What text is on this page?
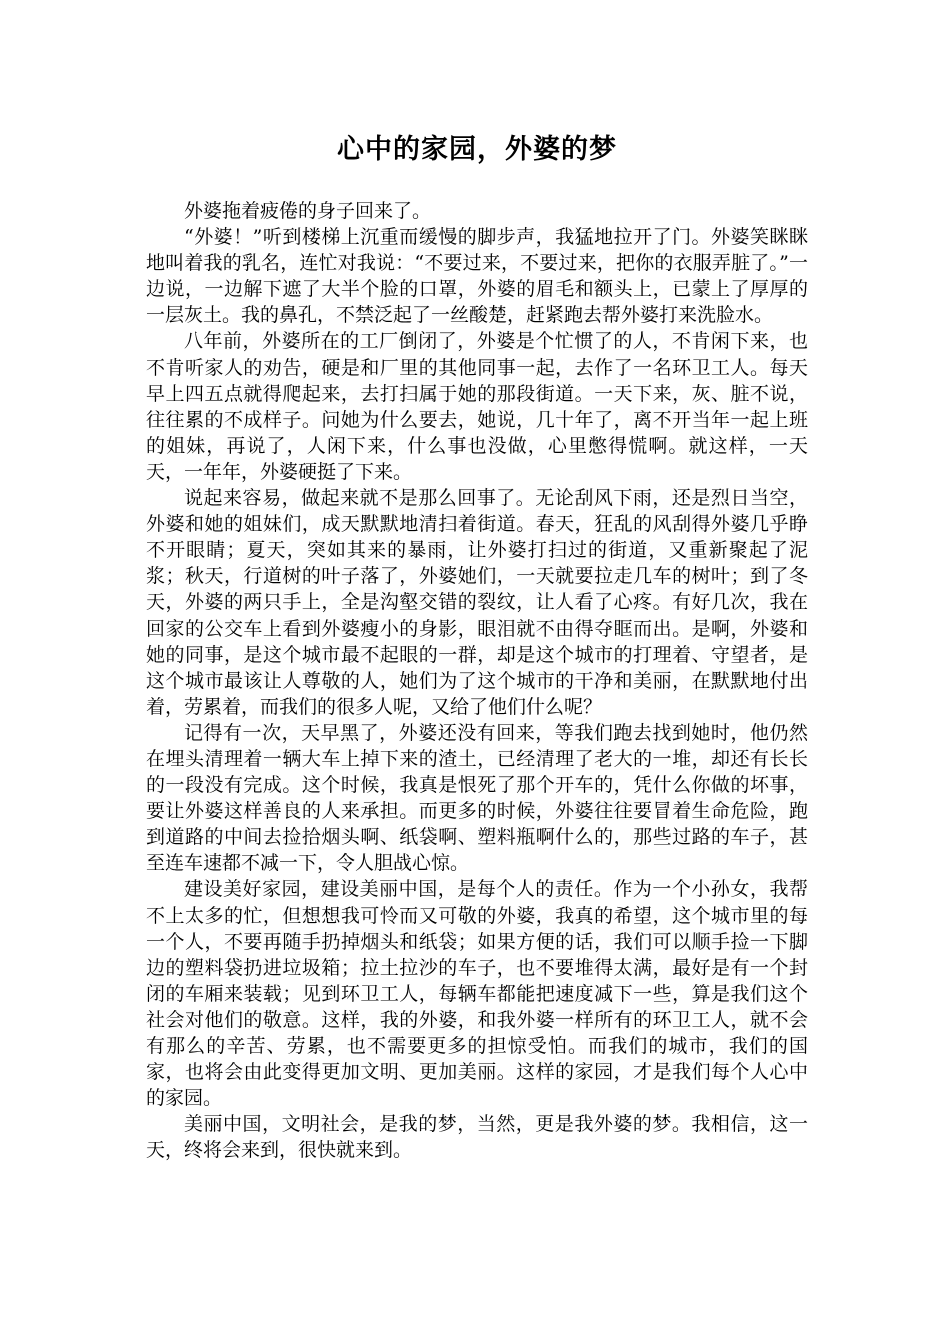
心中的家园，外婆的梦

外婆拖着疲倦的身子回来了。

“外婆！”听到楼梯上沉重而缓慢的脚步声，我猛地拉开了门。外婆笑眯眯地叫着我的乳名，连忙对我说：“不要过来，不要过来，把你的衣服弄脏了。”一边说，一边解下遮了大半个脸的口罩，外婆的眉毛和额头上，已蒙上了厚厚的一层灰土。我的鼻孔，不禁泛起了一丝酸楚，赶紧跑去帮外婆打来洗脸水。

八年前，外婆所在的工厂倒闭了，外婆是个忙惯了的人，不肯闲下来，也不肯听家人的劝告，硬是和厂里的其他同事一起，去作了一名环卫工人。每天早上四五点就得爬起来，去打扫属于她的那段街道。一天下来，灰、脏不说，往往累的不成样子。问她为什么要去，她说，几十年了，离不开当年一起上班的姐妹，再说了，人闲下来，什么事也没做，心里憋得慌啊。就这样，一天天，一年年，外婆硬挺了下来。

说起来容易，做起来就不是那么回事了。无论刮风下雨，还是烈日当空，外婆和她的姐妹们，成天默默地清扫着街道。春天，狂乱的风刮得外婆几乎睁不开眼睛；夏天，突如其来的暴雨，让外婆打扫过的街道，又重新聚起了泥浆；秋天，行道树的叶子落了，外婆她们，一天就要拉走几车的树叶；到了冬天，外婆的两只手上，全是沟壑交错的裂纹，让人看了心疼。有好几次，我在回家的公交车上看到外婆瘦小的身影，眼泪就不由得夺眶而出。是啊，外婆和她的同事，是这个城市最不起眼的一群，却是这个城市的打理着、守望者，是这个城市最该让人尊敬的人，她们为了这个城市的干净和美丽，在默默地付出着，劳累着，而我们的很多人呢，又给了他们什么呢？

记得有一次，天早黑了，外婆还没有回来，等我们跑去找到她时，他仍然在埋头清理着一辆大车上掉下来的渣土，已经清理了老大的一堆，却还有长长的一段没有完成。这个时候，我真是恨死了那个开车的，凭什么你做的坏事，要让外婆这样善良的人来承担。而更多的时候，外婆往往要冒着生命危险，跑到道路的中间去捡拾烟头啊、纸袋啊、塑料瓶啊什么的，那些过路的车子，甚至连车速都不减一下，令人胆战心惊。

建设美好家园，建设美丽中国，是每个人的责任。作为一个小孙女，我帮不上太多的忙，但想想我可怜而又可敬的外婆，我真的希望，这个城市里的每一个人，不要再随手扔掉烟头和纸袋；如果方便的话，我们可以顺手捡一下脚边的塑料袋扔进垃圾箱；拉土拉沙的车子，也不要堆得太满，最好是有一个封闭的车厢来装载；见到环卫工人，每辆车都能把速度减下一些，算是我们这个社会对他们的敬意。这样，我的外婆，和我外婆一样所有的环卫工人，就不会有那么的辛苦、劳累，也不需要更多的担惊受怕。而我们的城市，我们的国家，也将会由此变得更加文明、更加美丽。这样的家园，才是我们每个人心中的家园。

美丽中国，文明社会，是我的梦，当然，更是我外婆的梦。我相信，这一天，终将会来到，很快就来到。
